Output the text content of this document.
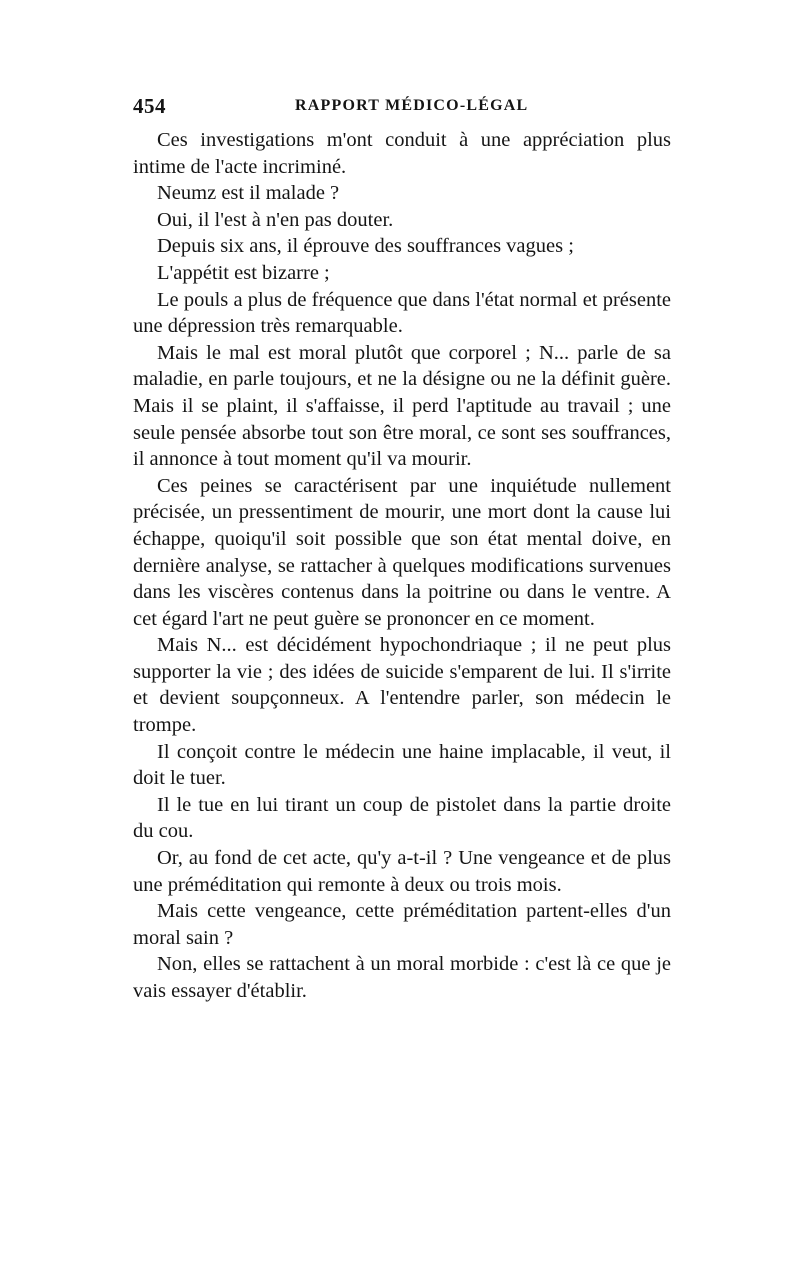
454	RAPPORT MÉDICO-LÉGAL

Ces investigations m'ont conduit à une appréciation plus intime de l'acte incriminé.

Neumz est il malade ?

Oui, il l'est à n'en pas douter.

Depuis six ans, il éprouve des souffrances vagues ;

L'appétit est bizarre ;

Le pouls a plus de fréquence que dans l'état normal et présente une dépression très remarquable.

Mais le mal est moral plutôt que corporel ; N... parle de sa maladie, en parle toujours, et ne la désigne ou ne la définit guère. Mais il se plaint, il s'affaisse, il perd l'aptitude au travail ; une seule pensée absorbe tout son être moral, ce sont ses souffrances, il annonce à tout moment qu'il va mourir.

Ces peines se caractérisent par une inquiétude nullement précisée, un pressentiment de mourir, une mort dont la cause lui échappe, quoiqu'il soit possible que son état mental doive, en dernière analyse, se rattacher à quelques modifications survenues dans les viscères contenus dans la poitrine ou dans le ventre. A cet égard l'art ne peut guère se prononcer en ce moment.

Mais N... est décidément hypochondriaque ; il ne peut plus supporter la vie ; des idées de suicide s'emparent de lui. Il s'irrite et devient soupçonneux. A l'entendre parler, son médecin le trompe.

Il conçoit contre le médecin une haine implacable, il veut, il doit le tuer.

Il le tue en lui tirant un coup de pistolet dans la partie droite du cou.

Or, au fond de cet acte, qu'y a-t-il ? Une vengeance et de plus une préméditation qui remonte à deux ou trois mois.

Mais cette vengeance, cette préméditation partent-elles d'un moral sain ?

Non, elles se rattachent à un moral morbide : c'est là ce que je vais essayer d'établir.
